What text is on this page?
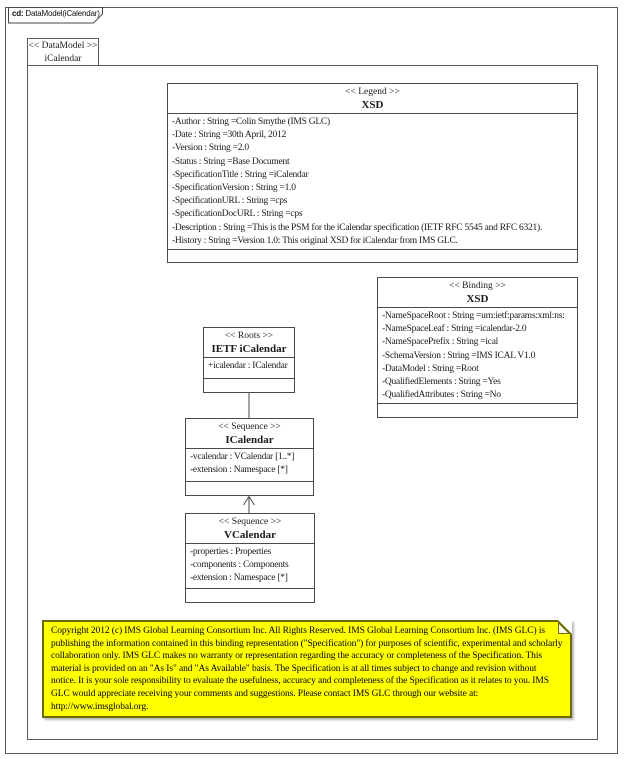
cd: DataModel(iCalendar)
<< DataModel >>
iCalendar
<< Legend >>
XSD
-Author : String =Colin Smythe (IMS GLC)
-Date : String =30th April, 2012
-Version : String =2.0
-Status : String =Base Document
-SpecificationTitle : String =iCalendar
-SpecificationVersion : String =1.0
-SpecificationURL : String =cps
-SpecificationDocURL : String =cps
-Description : String =This is the PSM for the iCalendar specification (IETF RFC 5545 and RFC 6321).
-History : String =Version 1.0: This original XSD for iCalendar from IMS GLC.
<< Binding >>
XSD
-NameSpaceRoot : String =urn:ietf:params:xml:ns:
-NameSpaceLeaf : String =icalendar-2.0
-NameSpacePrefix : String =ical
-SchemaVersion : String =IMS ICAL V1.0
-DataModel : String =Root
-QualifiedElements : String =Yes
-QualifiedAttributes : String =No
<< Roots >>
IETF iCalendar
+icalendar : ICalendar
<< Sequence >>
ICalendar
-vcalendar : VCalendar [1..*]
-extension : Namespace [*]
<< Sequence >>
VCalendar
-properties : Properties
-components : Components
-extension : Namespace [*]
Copyright 2012 (c) IMS Global Learning Consortium Inc. All Rights Reserved. IMS Global Learning Consortium Inc. (IMS GLC) is publishing the information contained in this binding representation ("Specification") for purposes of scientific, experimental and scholarly collaboration only. IMS GLC makes no warranty or representation regarding the accuracy or completeness of the Specification. This material is provided on an "As Is" and "As Available" basis. The Specification is at all times subject to change and revision without notice. It is your sole responsibility to evaluate the usefulness, accuracy and completeness of the Specification as it relates to you. IMS GLC would appreciate receiving your comments and suggestions. Please contact IMS GLC through our website at: http://www.imsglobal.org.
